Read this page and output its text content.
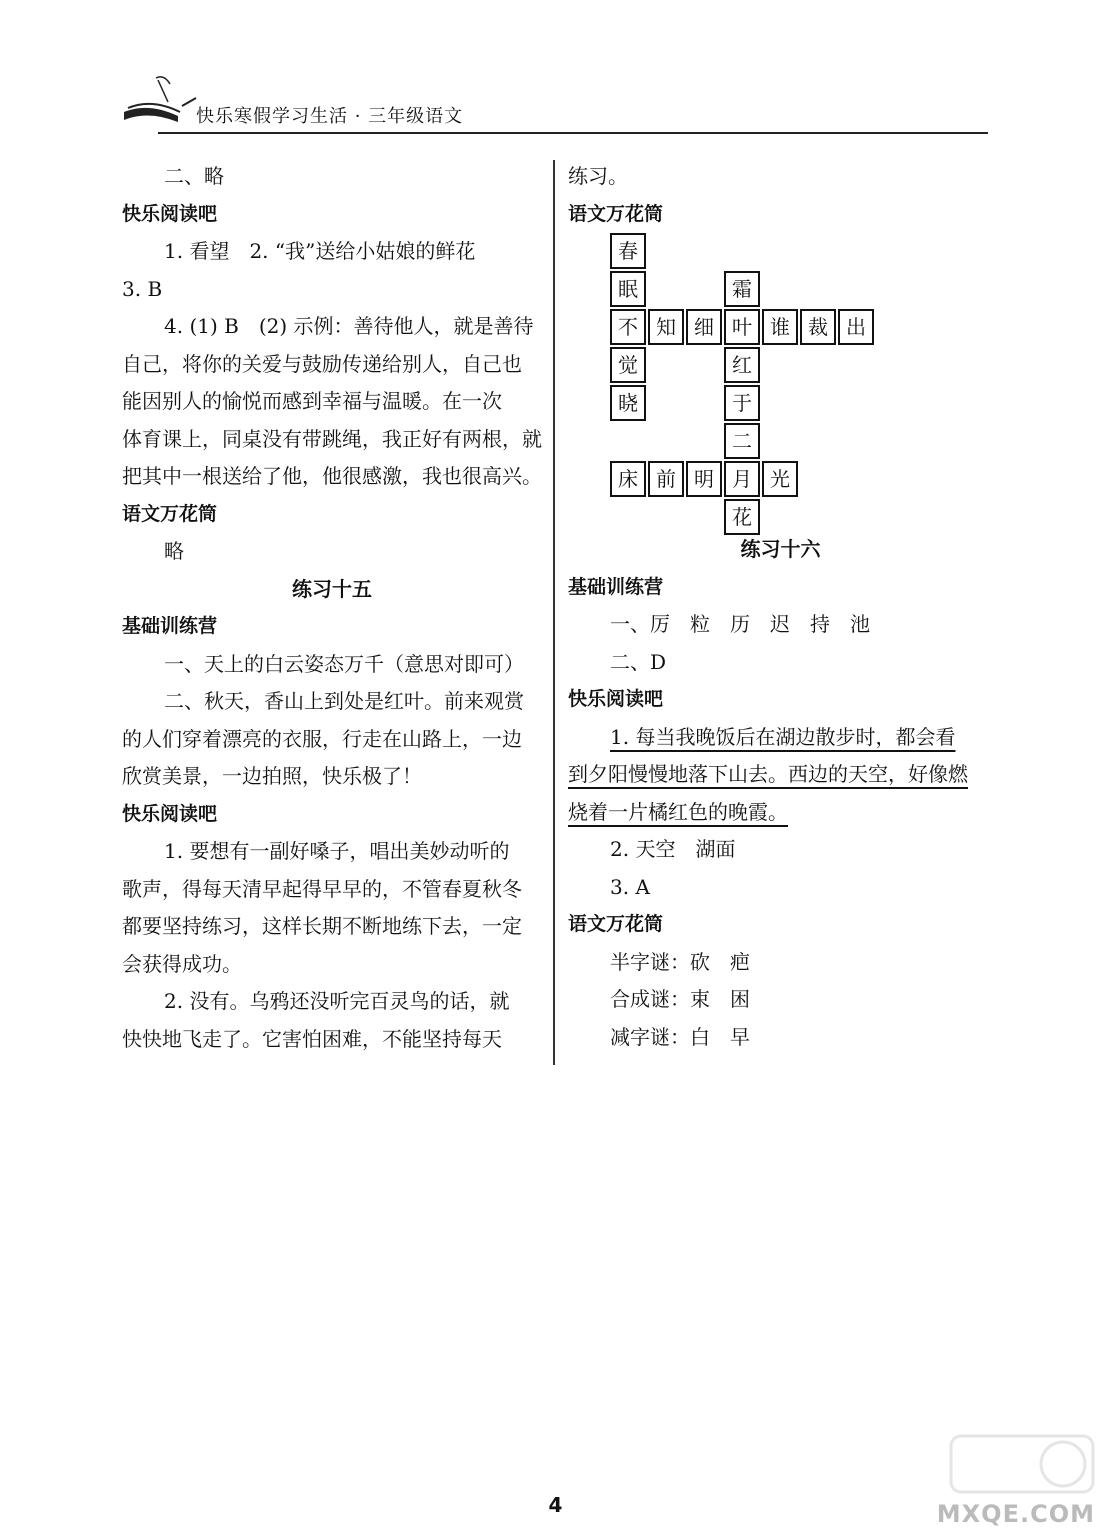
快乐寒假学习生活 · 三年级语文
二、略
快乐阅读吧
1. 看望　2. “我”送给小姑娘的鲜花
3. B
4. (1) B　(2) 示例：善待他人，就是善待
自己，将你的关爱与鼓励传递给别人，自己也
能因别人的愉悦而感到幸福与温暖。在一次
体育课上，同桌没有带跳绳，我正好有两根，就
把其中一根送给了他，他很感激，我也很高兴。
语文万花筒
略
练习十五
基础训练营
一、天上的白云姿态万千（意思对即可）
二、秋天，香山上到处是红叶。前来观赏
的人们穿着漂亮的衣服，行走在山路上，一边
欣赏美景，一边拍照，快乐极了！
快乐阅读吧
1. 要想有一副好嗓子，唱出美妙动听的
歌声，得每天清早起得早早的，不管春夏秋冬
都要坚持练习，这样长期不断地练下去，一定
会获得成功。
2. 没有。乌鸦还没听完百灵鸟的话，就
快快地飞走了。它害怕困难，不能坚持每天
练习。
语文万花筒
春
眠
不
觉
晓
知 细
霜
叶
红
于
二
月
花
谁 裁 出
床 前 明	光
练习十六
基础训练营
一、厉　粒　历　迟　持　池
二、D
快乐阅读吧
1. 每当我晚饭后在湖边散步时，都会看
到夕阳慢慢地落下山去。西边的天空，好像燃
烧着一片橘红色的晚霞。
2. 天空　湖面
3. A
语文万花筒
半字谜：砍　疤
合成谜：束　困
减字谜：白　早
4	MXQE.COM
